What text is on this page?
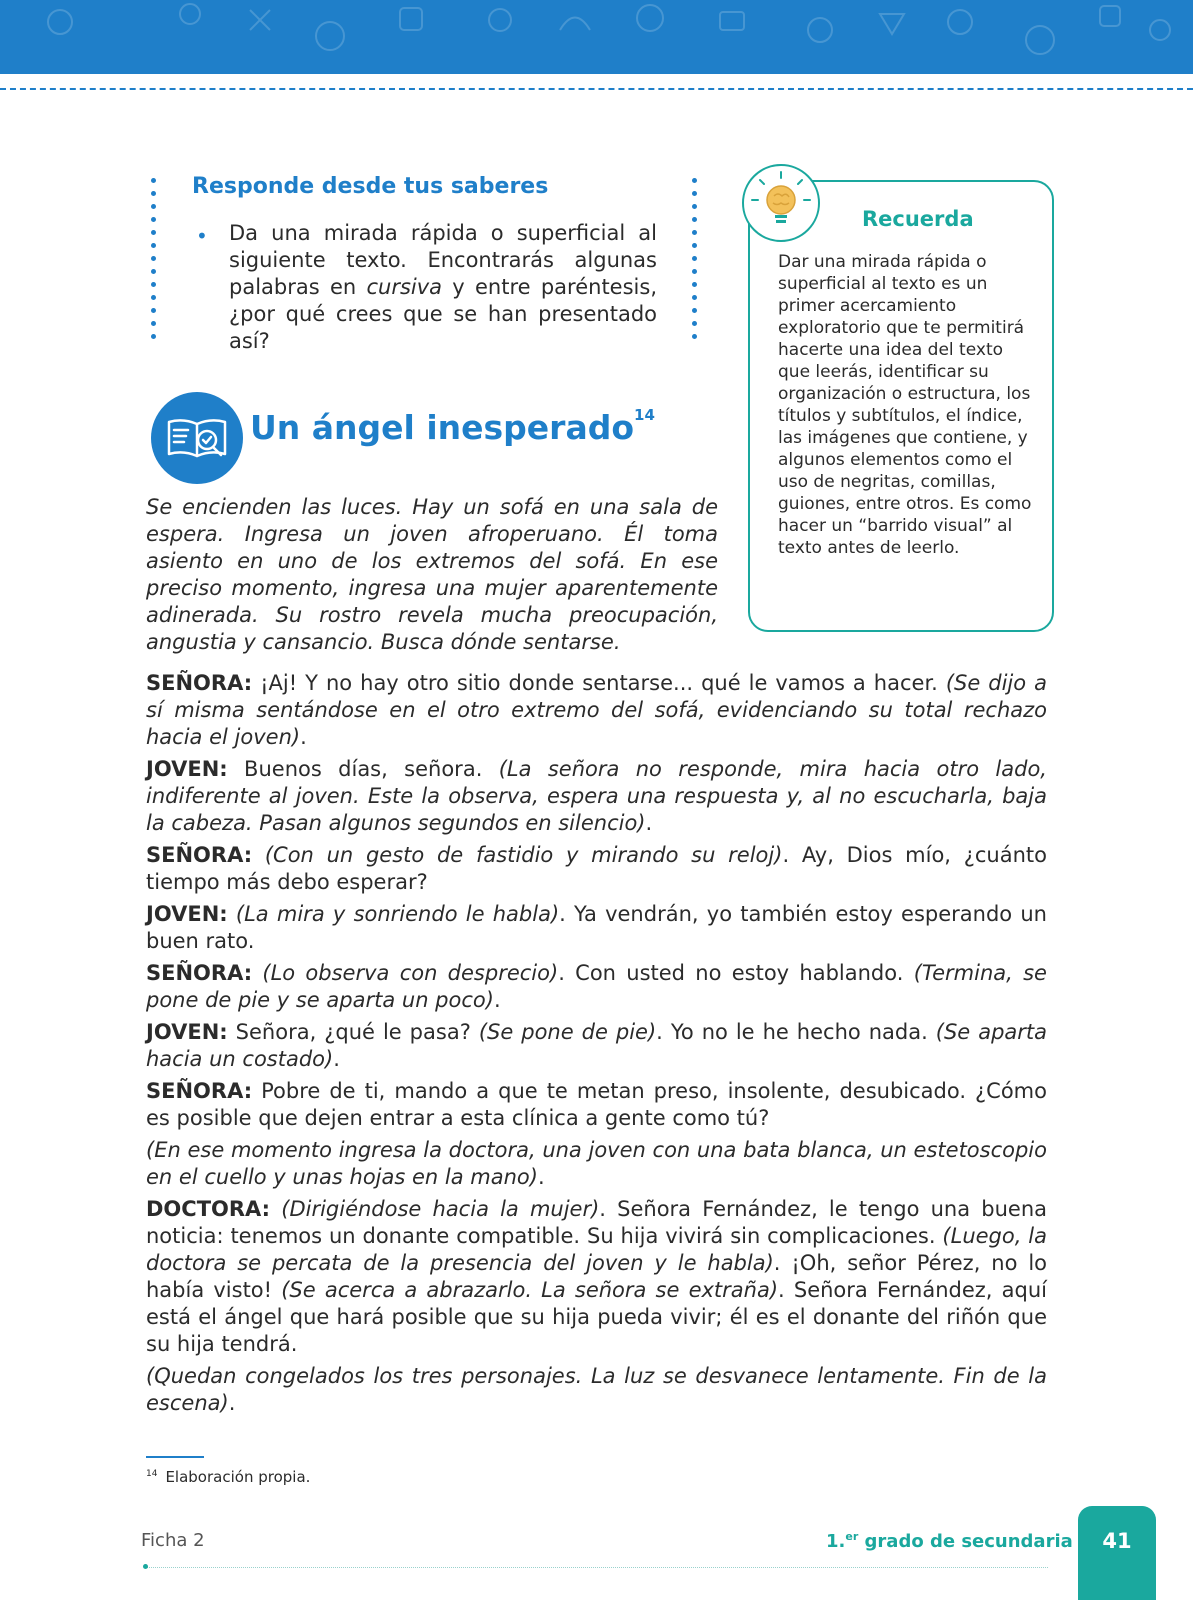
Responde desde tus saberes
• Da una mirada rápida o superficial al siguiente texto. Encontrarás algunas palabras en cursiva y entre paréntesis, ¿por qué crees que se han presentado así?
Un ángel inesperado$^{14}$
Se encienden las luces. Hay un sofá en una sala de espera. Ingresa un joven afroperuano. Él toma asiento en uno de los extremos del sofá. En ese preciso momento, ingresa una mujer aparentemente adinerada. Su rostro revela mucha preocupación, angustia y cansancio. Busca dónde sentarse.
Recuerda
Dar una mirada rápida o superficial al texto es un primer acercamiento exploratorio que te permitirá hacerte una idea del texto que leerás, identificar su organización o estructura, los títulos y subtítulos, el índice, las imágenes que contiene, y algunos elementos como el uso de negritas, comillas, guiones, entre otros. Es como hacer un “barrido visual” al texto antes de leerlo.

SEÑORA: ¡Aj! Y no hay otro sitio donde sentarse... qué le vamos a hacer. (Se dijo a sí misma sentándose en el otro extremo del sofá, evidenciando su total rechazo hacia el joven).

JOVEN: Buenos días, señora. (La señora no responde, mira hacia otro lado, indiferente al joven. Este la observa, espera una respuesta y, al no escucharla, baja la cabeza. Pasan algunos segundos en silencio).

SEÑORA: (Con un gesto de fastidio y mirando su reloj). Ay, Dios mío, ¿cuánto tiempo más debo esperar?

JOVEN: (La mira y sonriendo le habla). Ya vendrán, yo también estoy esperando un buen rato.

SEÑORA: (Lo observa con desprecio). Con usted no estoy hablando. (Termina, se pone de pie y se aparta un poco).

JOVEN: Señora, ¿qué le pasa? (Se pone de pie). Yo no le he hecho nada. (Se aparta hacia un costado).

SEÑORA: Pobre de ti, mando a que te metan preso, insolente, desubicado. ¿Cómo es posible que dejen entrar a esta clínica a gente como tú?

(En ese momento ingresa la doctora, una joven con una bata blanca, un estetoscopio en el cuello y unas hojas en la mano).

DOCTORA: (Dirigiéndose hacia la mujer). Señora Fernández, le tengo una buena noticia: tenemos un donante compatible. Su hija vivirá sin complicaciones. (Luego, la doctora se percata de la presencia del joven y le habla). ¡Oh, señor Pérez, no lo había visto! (Se acerca a abrazarlo. La señora se extraña). Señora Fernández, aquí está el ángel que hará posible que su hija pueda vivir; él es el donante del riñón que su hija tendrá.

(Quedan congelados los tres personajes. La luz se desvanece lentamente. Fin de la escena).

$^{14}$ Elaboración propia.
Ficha 2	1.$^{er}$ grado de secundaria	41
